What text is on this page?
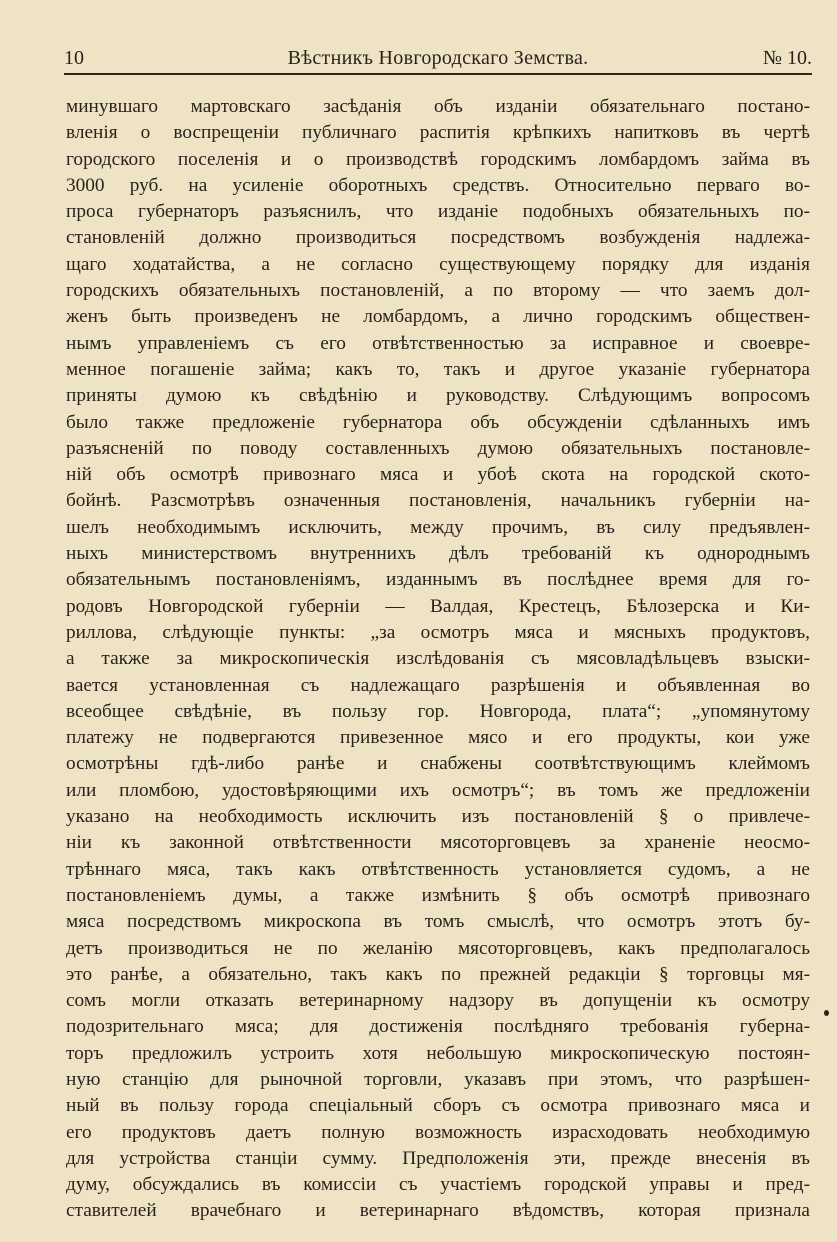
10	Вѣстникъ Новгородскаго Земства.	№ 10.
минувшаго мартовскаго засѣданія объ изданіи обязательнаго постано-
вленія о воспрещеніи публичнаго распитія крѣпкихъ напитковъ въ чертѣ
городского поселенія и о производствѣ городскимъ ломбардомъ займа въ
3000 руб. на усиленіе оборотныхъ средствъ. Относительно перваго во-
проса губернаторъ разъяснилъ, что изданіе подобныхъ обязательныхъ по-
становленій должно производиться посредствомъ возбужденія надлежа-
щаго ходатайства, а не согласно существующему порядку для изданія
городскихъ обязательныхъ постановленій, а по второму — что заемъ дол-
женъ быть произведенъ не ломбардомъ, а лично городскимъ обществен-
нымъ управленіемъ съ его отвѣтственностью за исправное и своевре-
менное погашеніе займа; какъ то, такъ и другое указаніе губернатора
приняты думою къ свѣдѣнію и руководству. Слѣдующимъ вопросомъ
было также предложеніе губернатора объ обсужденіи сдѣланныхъ имъ
разъясненій по поводу составленныхъ думою обязательныхъ постановле-
ній объ осмотрѣ привознаго мяса и убоѣ скота на городской ското-
бойнѣ. Разсмотрѣвъ означенныя постановленія, начальникъ губерніи на-
шелъ необходимымъ исключить, между прочимъ, въ силу предъявлен-
ныхъ министерствомъ внутреннихъ дѣлъ требованій къ однороднымъ
обязательнымъ постановленіямъ, изданнымъ въ послѣднее время для го-
родовъ Новгородской губерніи — Валдая, Крестецъ, Бѣлозерска и Ки-
риллова, слѣдующіе пункты: „за осмотръ мяса и мясныхъ продуктовъ,
а также за микроскопическія изслѣдованія съ мясовладѣльцевъ взыски-
вается установленная съ надлежащаго разрѣшенія и объявленная во
всеобщее свѣдѣніе, въ пользу гор. Новгорода, плата“; „упомянутому
платежу не подвергаются привезенное мясо и его продукты, кои уже
осмотрѣны гдѣ-либо ранѣе и снабжены соотвѣтствующимъ клеймомъ
или пломбою, удостовѣряющими ихъ осмотръ“; въ томъ же предложеніи
указано на необходимость исключить изъ постановленій § о привлече-
ніи къ законной отвѣтственности мясоторговцевъ за храненіе неосмо-
трѣннаго мяса, такъ какъ отвѣтственность установляется судомъ, а не
постановленіемъ думы, а также измѣнить § объ осмотрѣ привознаго
мяса посредствомъ микроскопа въ томъ смыслѣ, что осмотръ этотъ бу-
детъ производиться не по желанію мясоторговцевъ, какъ предполагалось
это ранѣе, а обязательно, такъ какъ по прежней редакціи § торговцы мя-
сомъ могли отказать ветеринарному надзору въ допущеніи къ осмотру
подозрительнаго мяса; для достиженія послѣдняго требованія губерна-
торъ предложилъ устроить хотя небольшую микроскопическую постоян-
ную станцію для рыночной торговли, указавъ при этомъ, что разрѣшен-
ный въ пользу города спеціальный сборъ съ осмотра привознаго мяса и
его продуктовъ даетъ полную возможность израсходовать необходимую
для устройства станціи сумму. Предположенія эти, прежде внесенія въ
думу, обсуждались въ комиссіи съ участіемъ городской управы и пред-
ставителей врачебнаго и ветеринарнаго вѣдомствъ, которая признала
